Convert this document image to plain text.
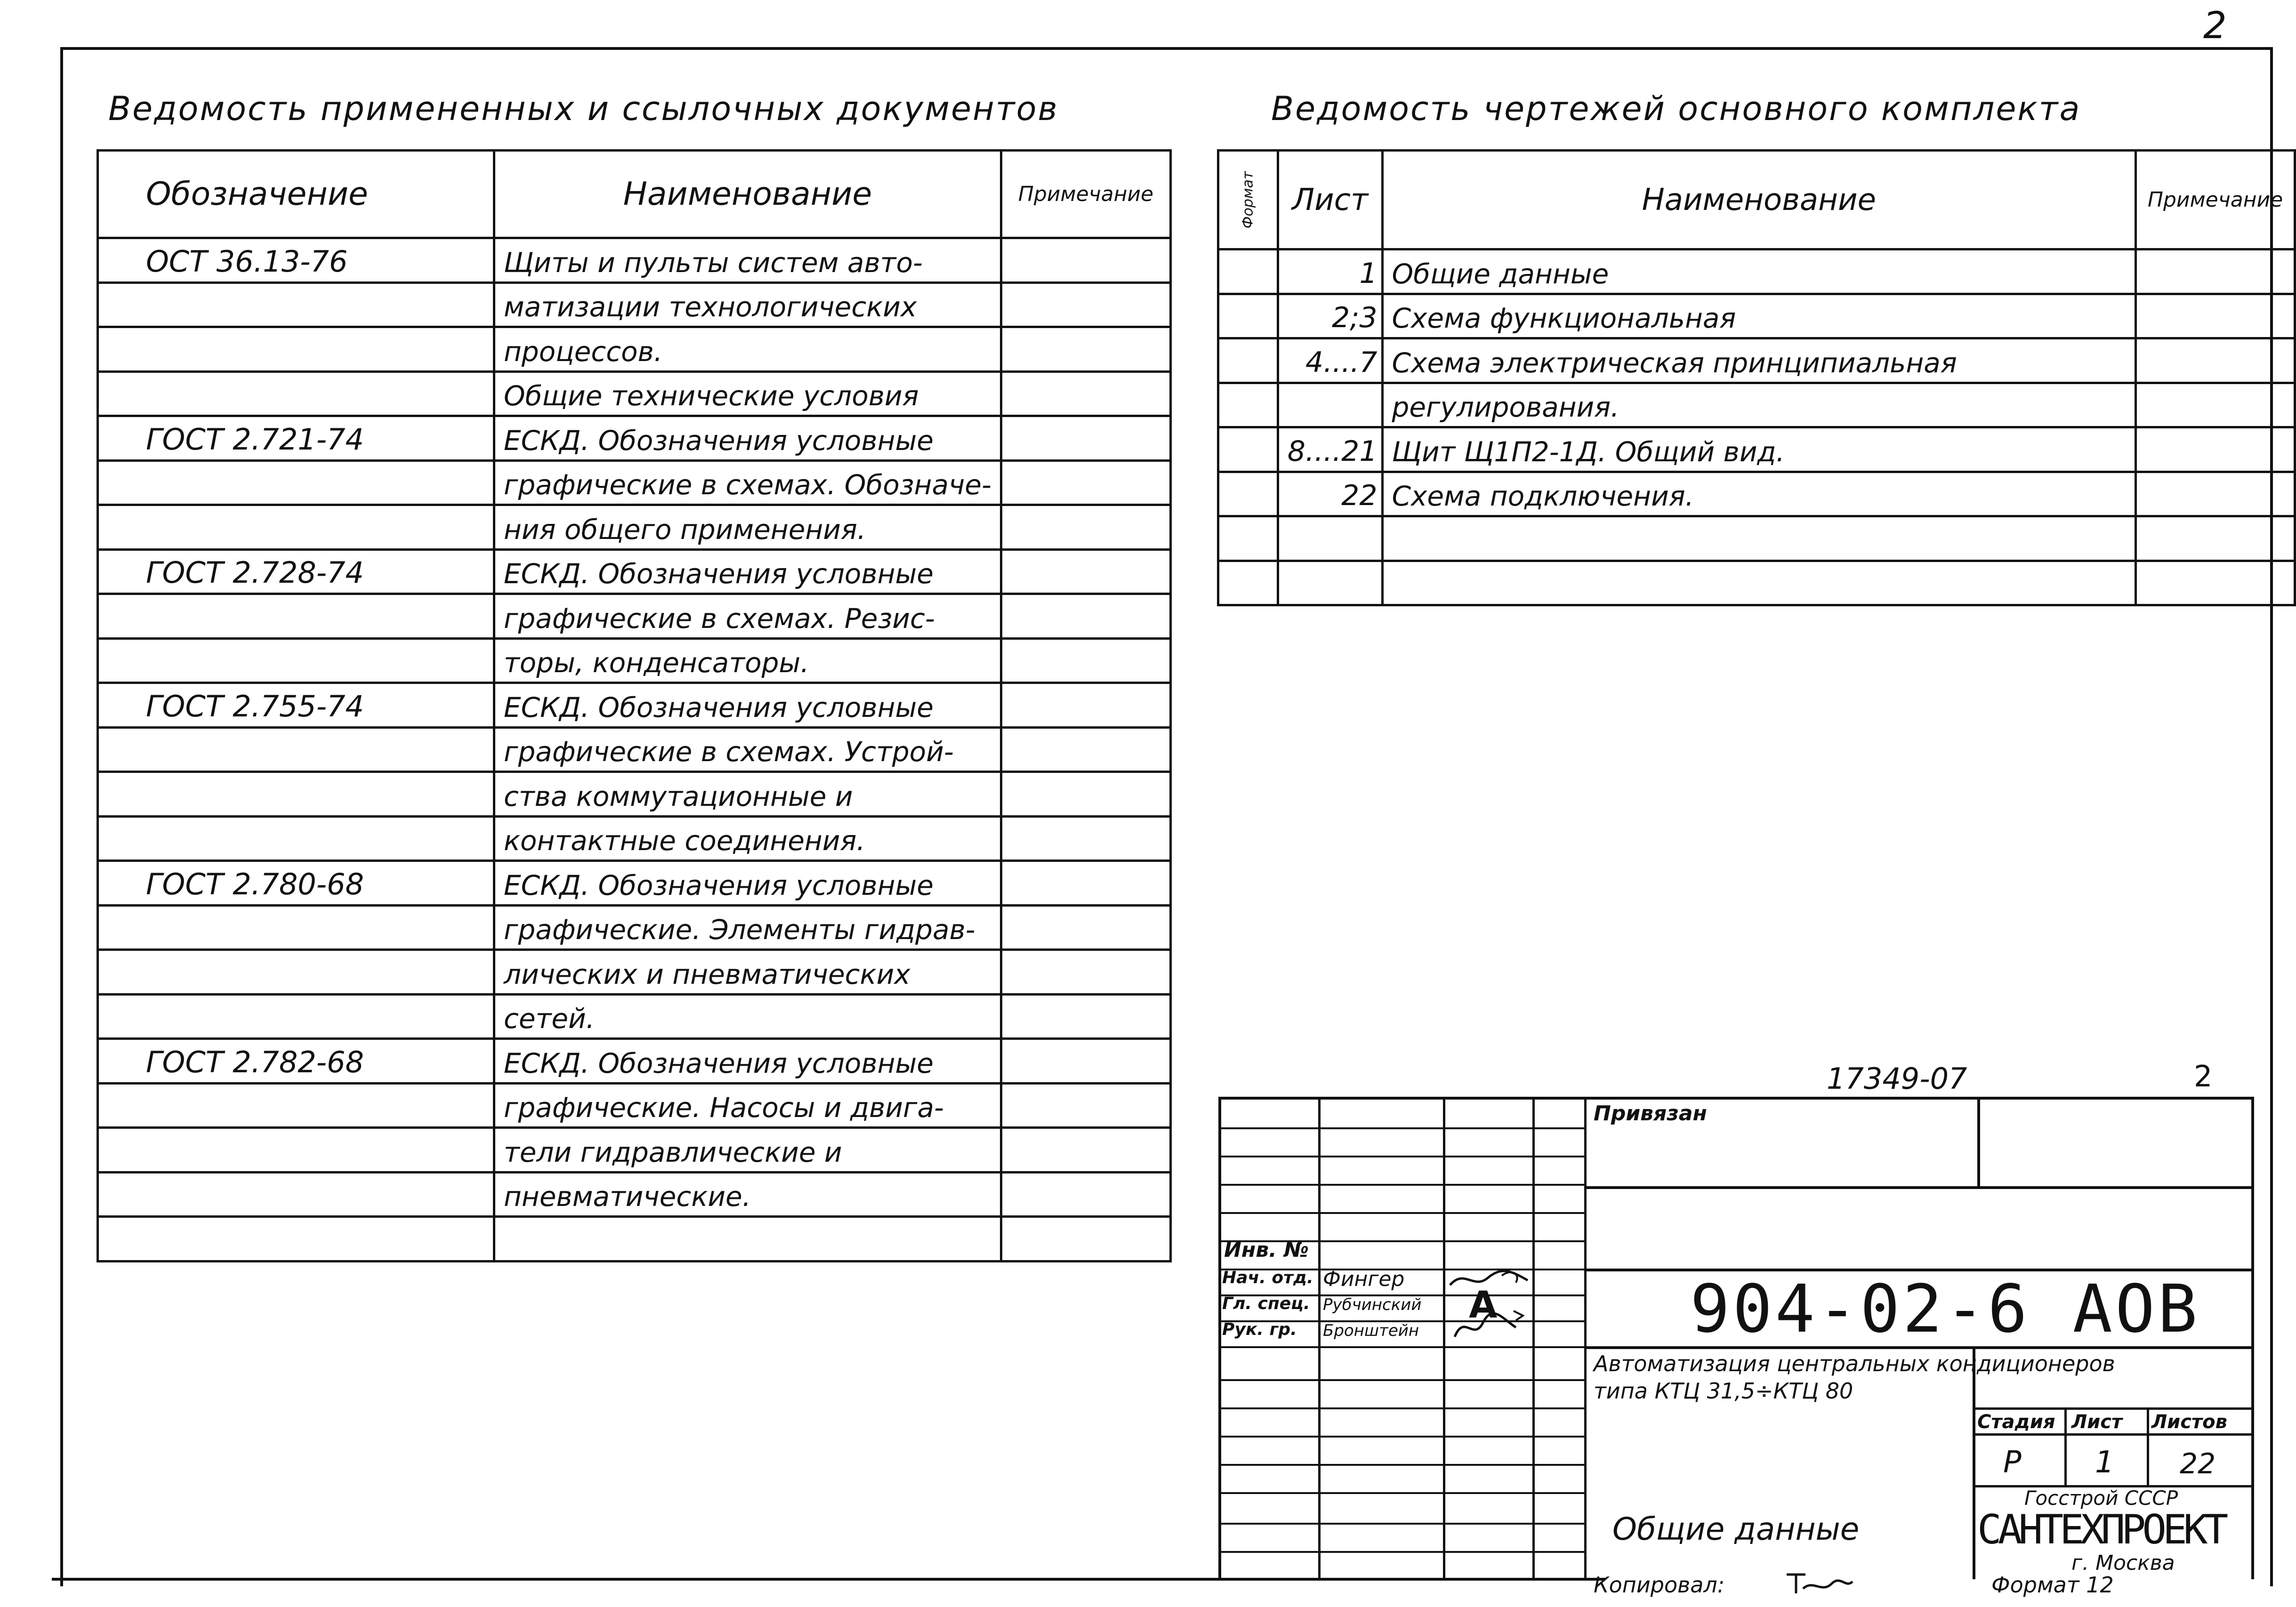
2
Ведомость примененных и ссылочных документов
Обозначение	Наименование	Примечание
ОСТ 36.13-76	Щиты и пульты систем авто-	
	матизации технологических	
	процессов.	
	Общие технические условия	
ГОСТ 2.721-74	ЕСКД. Обозначения условные	
	графические в схемах. Обозначе-	
	ния общего применения.	
ГОСТ 2.728-74	ЕСКД. Обозначения условные	
	графические в схемах. Резис-	
	торы, конденсаторы.	
ГОСТ 2.755-74	ЕСКД. Обозначения условные	
	графические в схемах. Устрой-	
	ства коммутационные и	
	контактные соединения.	
ГОСТ 2.780-68	ЕСКД. Обозначения условные	
	графические. Элементы гидрав-	
	лических и пневматических	
	сетей.	
ГОСТ 2.782-68	ЕСКД. Обозначения условные	
	графические. Насосы и двига-	
	тели гидравлические и	
	пневматические.	

Ведомость чертежей основного комплекта
Формат	Лист	Наименование	Примечание
	1	Общие данные	
	2;3	Схема функциональная	
	4....7	Схема электрическая принципиальная	
		регулирования.	
	8....21	Щит Щ1П2-1Д. Общий вид.	
	22	Схема подключения.	

17349-07	2
Привязан
Инв. №
Нач. отд. Фингер
Гл. спец. Рубчинский
Рук. гр. Бронштейн
А	904-02-6 АОВ
Автоматизация центральных кондиционеров
типа КТЦ 31,5÷КТЦ 80
Стадия Лист Листов
Р 1 22
Общие данные
Госстрой СССР
САНТЕХПРОЕКТ
г. Москва
Копировал:	Формат 12
